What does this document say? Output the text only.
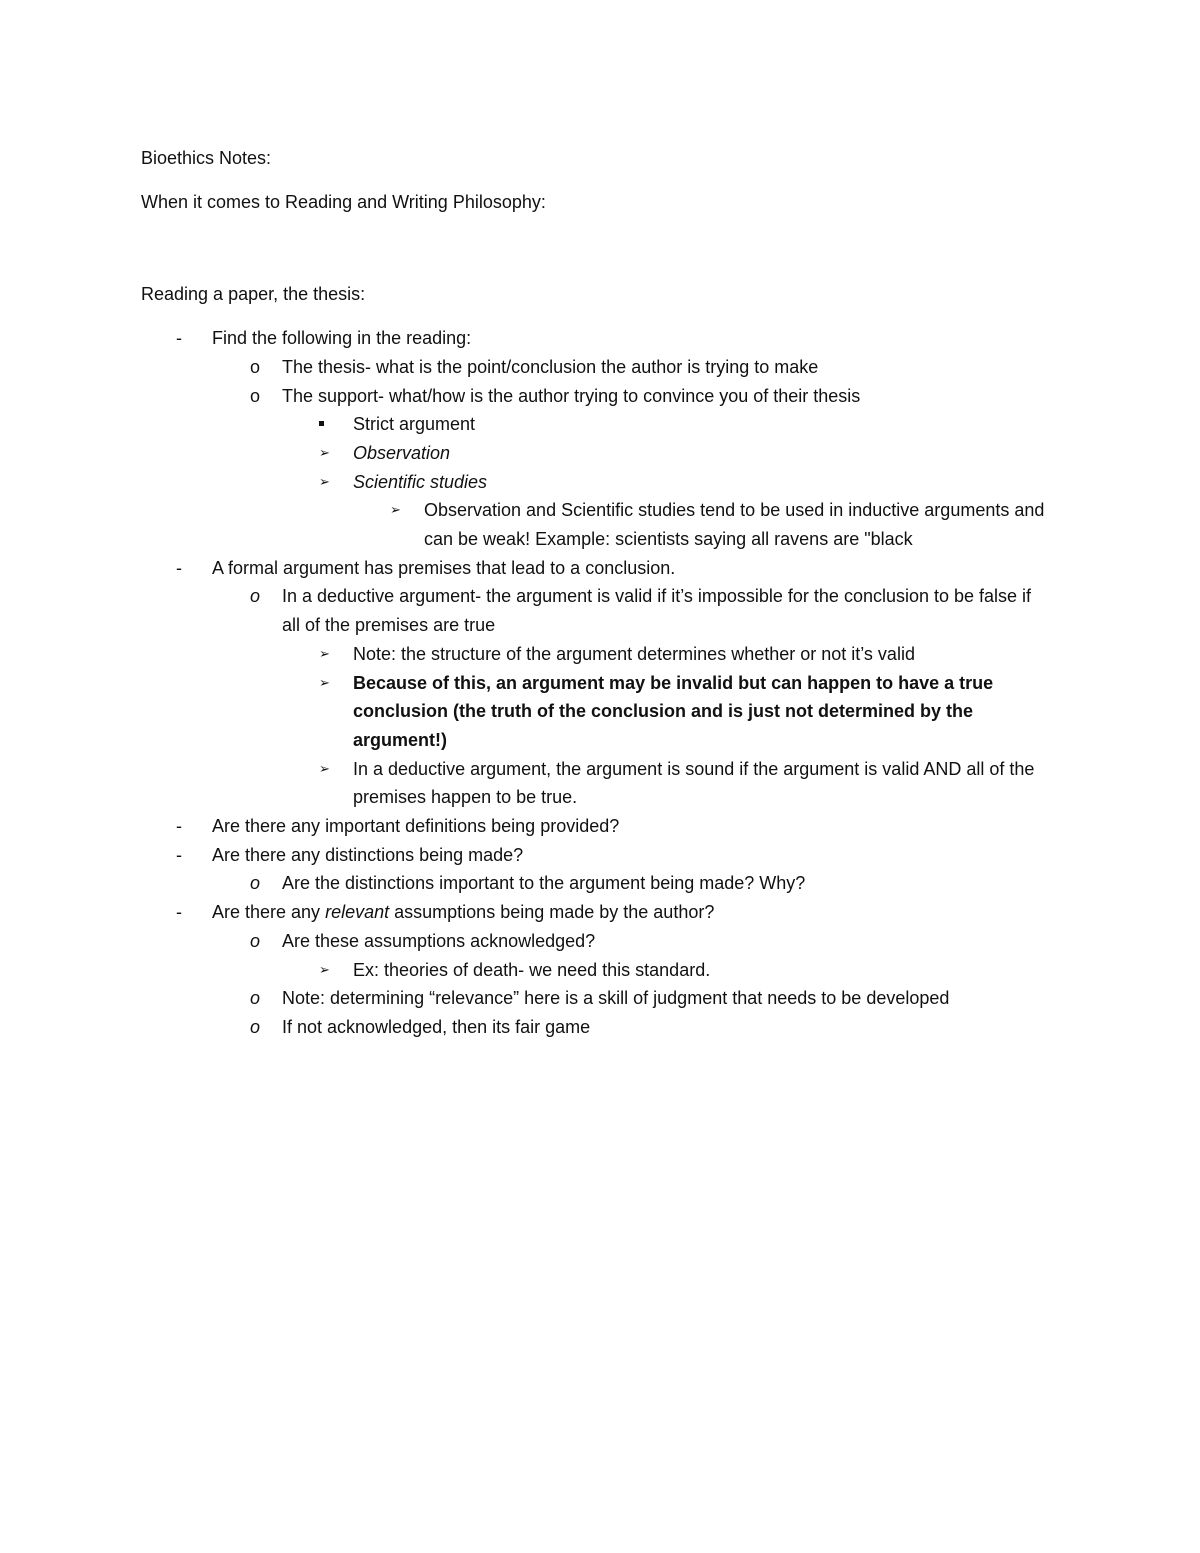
Bioethics Notes:

When it comes to Reading and Writing Philosophy:

Reading a paper, the thesis:

- Find the following in the reading:
o The thesis- what is the point/conclusion the author is trying to make
o The support- what/how is the author trying to convince you of their thesis
Strict argument
➢ Observation
➢ Scientific studies
➢ Observation and Scientific studies tend to be used in inductive arguments and can be weak! Example: scientists saying all ravens are "black
- A formal argument has premises that lead to a conclusion.
o In a deductive argument- the argument is valid if it’s impossible for the conclusion to be false if all of the premises are true
➢ Note: the structure of the argument determines whether or not it’s valid
➢ Because of this, an argument may be invalid but can happen to have a true conclusion (the truth of the conclusion and is just not determined by the argument!)
➢ In a deductive argument, the argument is sound if the argument is valid AND all of the premises happen to be true.
- Are there any important definitions being provided?
- Are there any distinctions being made?
o Are the distinctions important to the argument being made? Why?
- Are there any relevant assumptions being made by the author?
o Are these assumptions acknowledged?
➢ Ex: theories of death- we need this standard.
o Note: determining “relevance” here is a skill of judgment that needs to be developed
o If not acknowledged, then its fair game
